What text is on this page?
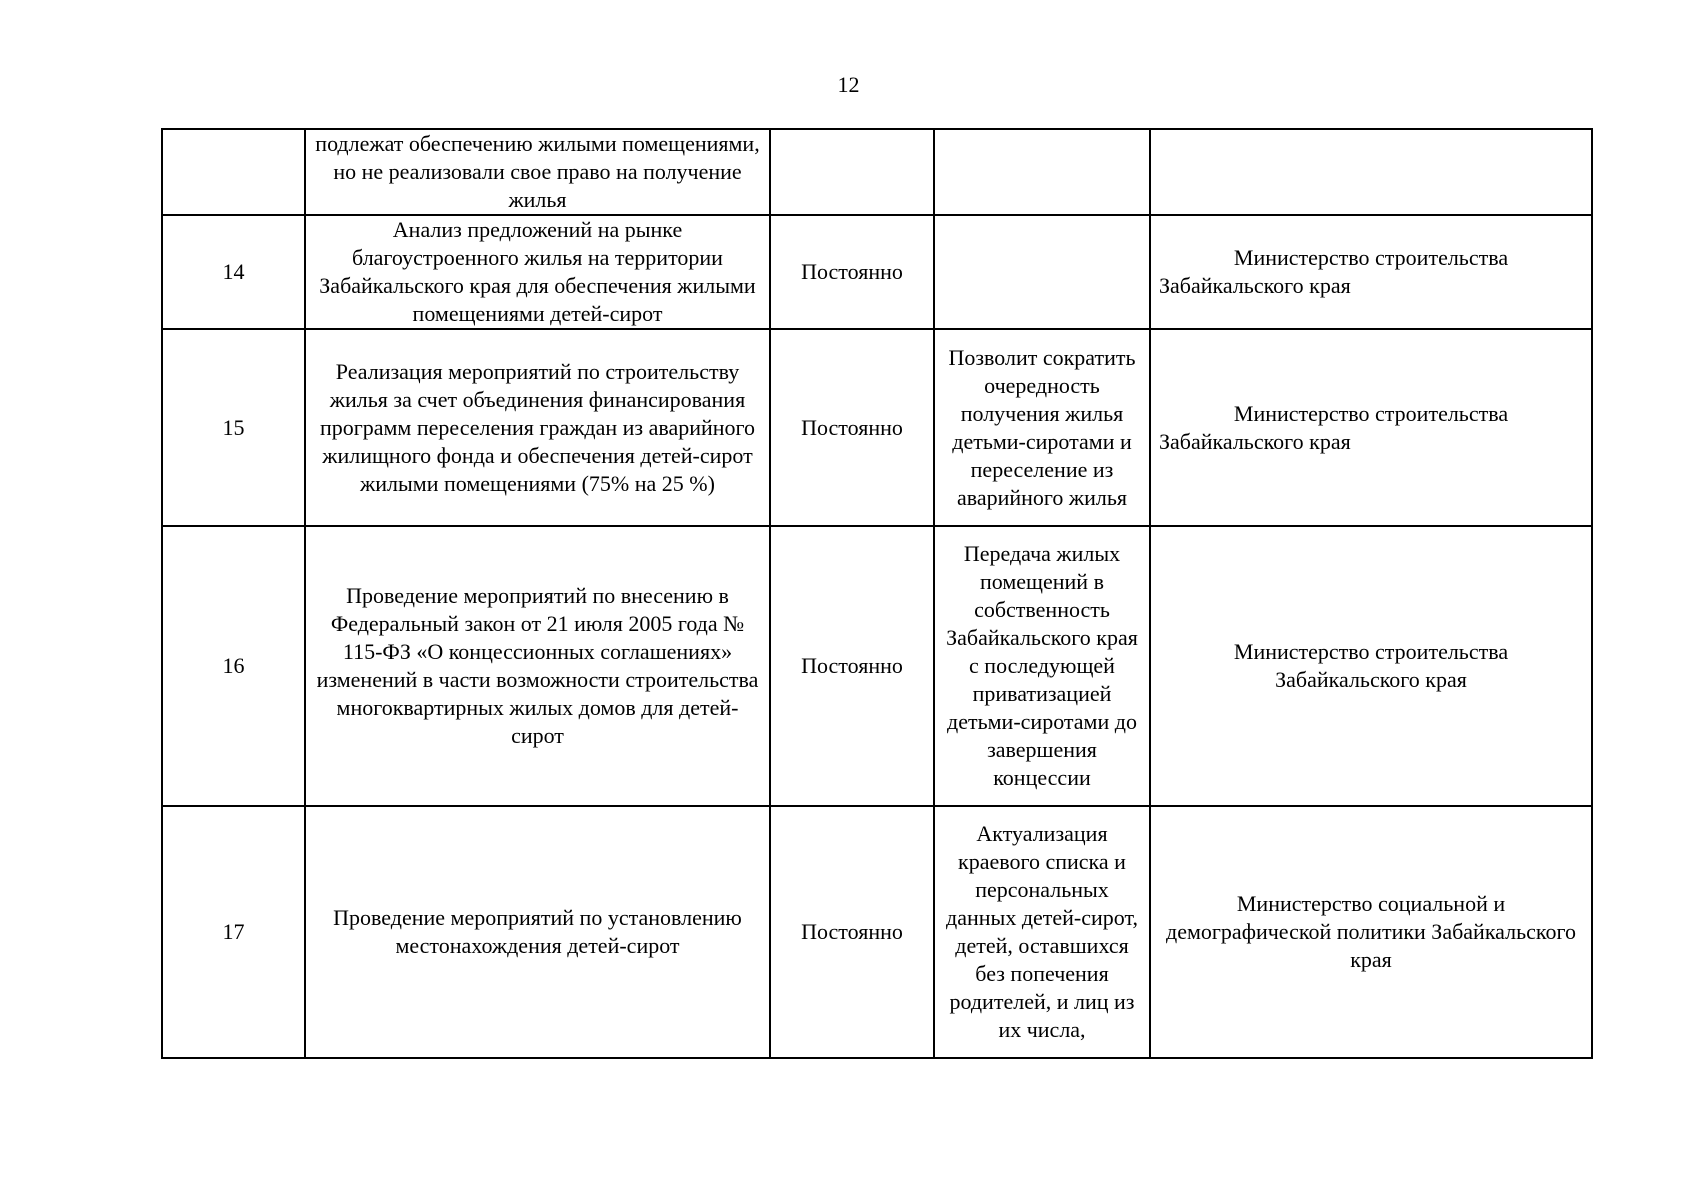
12
	подлежат обеспечению жилыми помещениями, но не реализовали свое право на получение жилья			
14	Анализ предложений на рынке благоустроенного жилья на территории Забайкальского края для обеспечения жилыми помещениями детей-сирот	Постоянно		Министерство строительства Забайкальского края
15	Реализация мероприятий по строительству жилья за счет объединения финансирования программ переселения граждан из аварийного жилищного фонда и обеспечения детей-сирот жилыми помещениями (75% на 25 %)	Постоянно	Позволит сократить очередность получения жилья детьми-сиротами и переселение из аварийного жилья	Министерство строительства Забайкальского края
16	Проведение мероприятий по внесению в Федеральный закон от 21 июля 2005 года № 115-ФЗ «О концессионных соглашениях» изменений в части возможности строительства многоквартирных жилых домов для детей-сирот	Постоянно	Передача жилых помещений в собственность Забайкальского края с последующей приватизацией детьми-сиротами до завершения концессии	Министерство строительства Забайкальского края
17	Проведение мероприятий по установлению местонахождения детей-сирот	Постоянно	Актуализация краевого списка и персональных данных детей-сирот, детей, оставшихся без попечения родителей, и лиц из их числа,	Министерство социальной и демографической политики Забайкальского края
